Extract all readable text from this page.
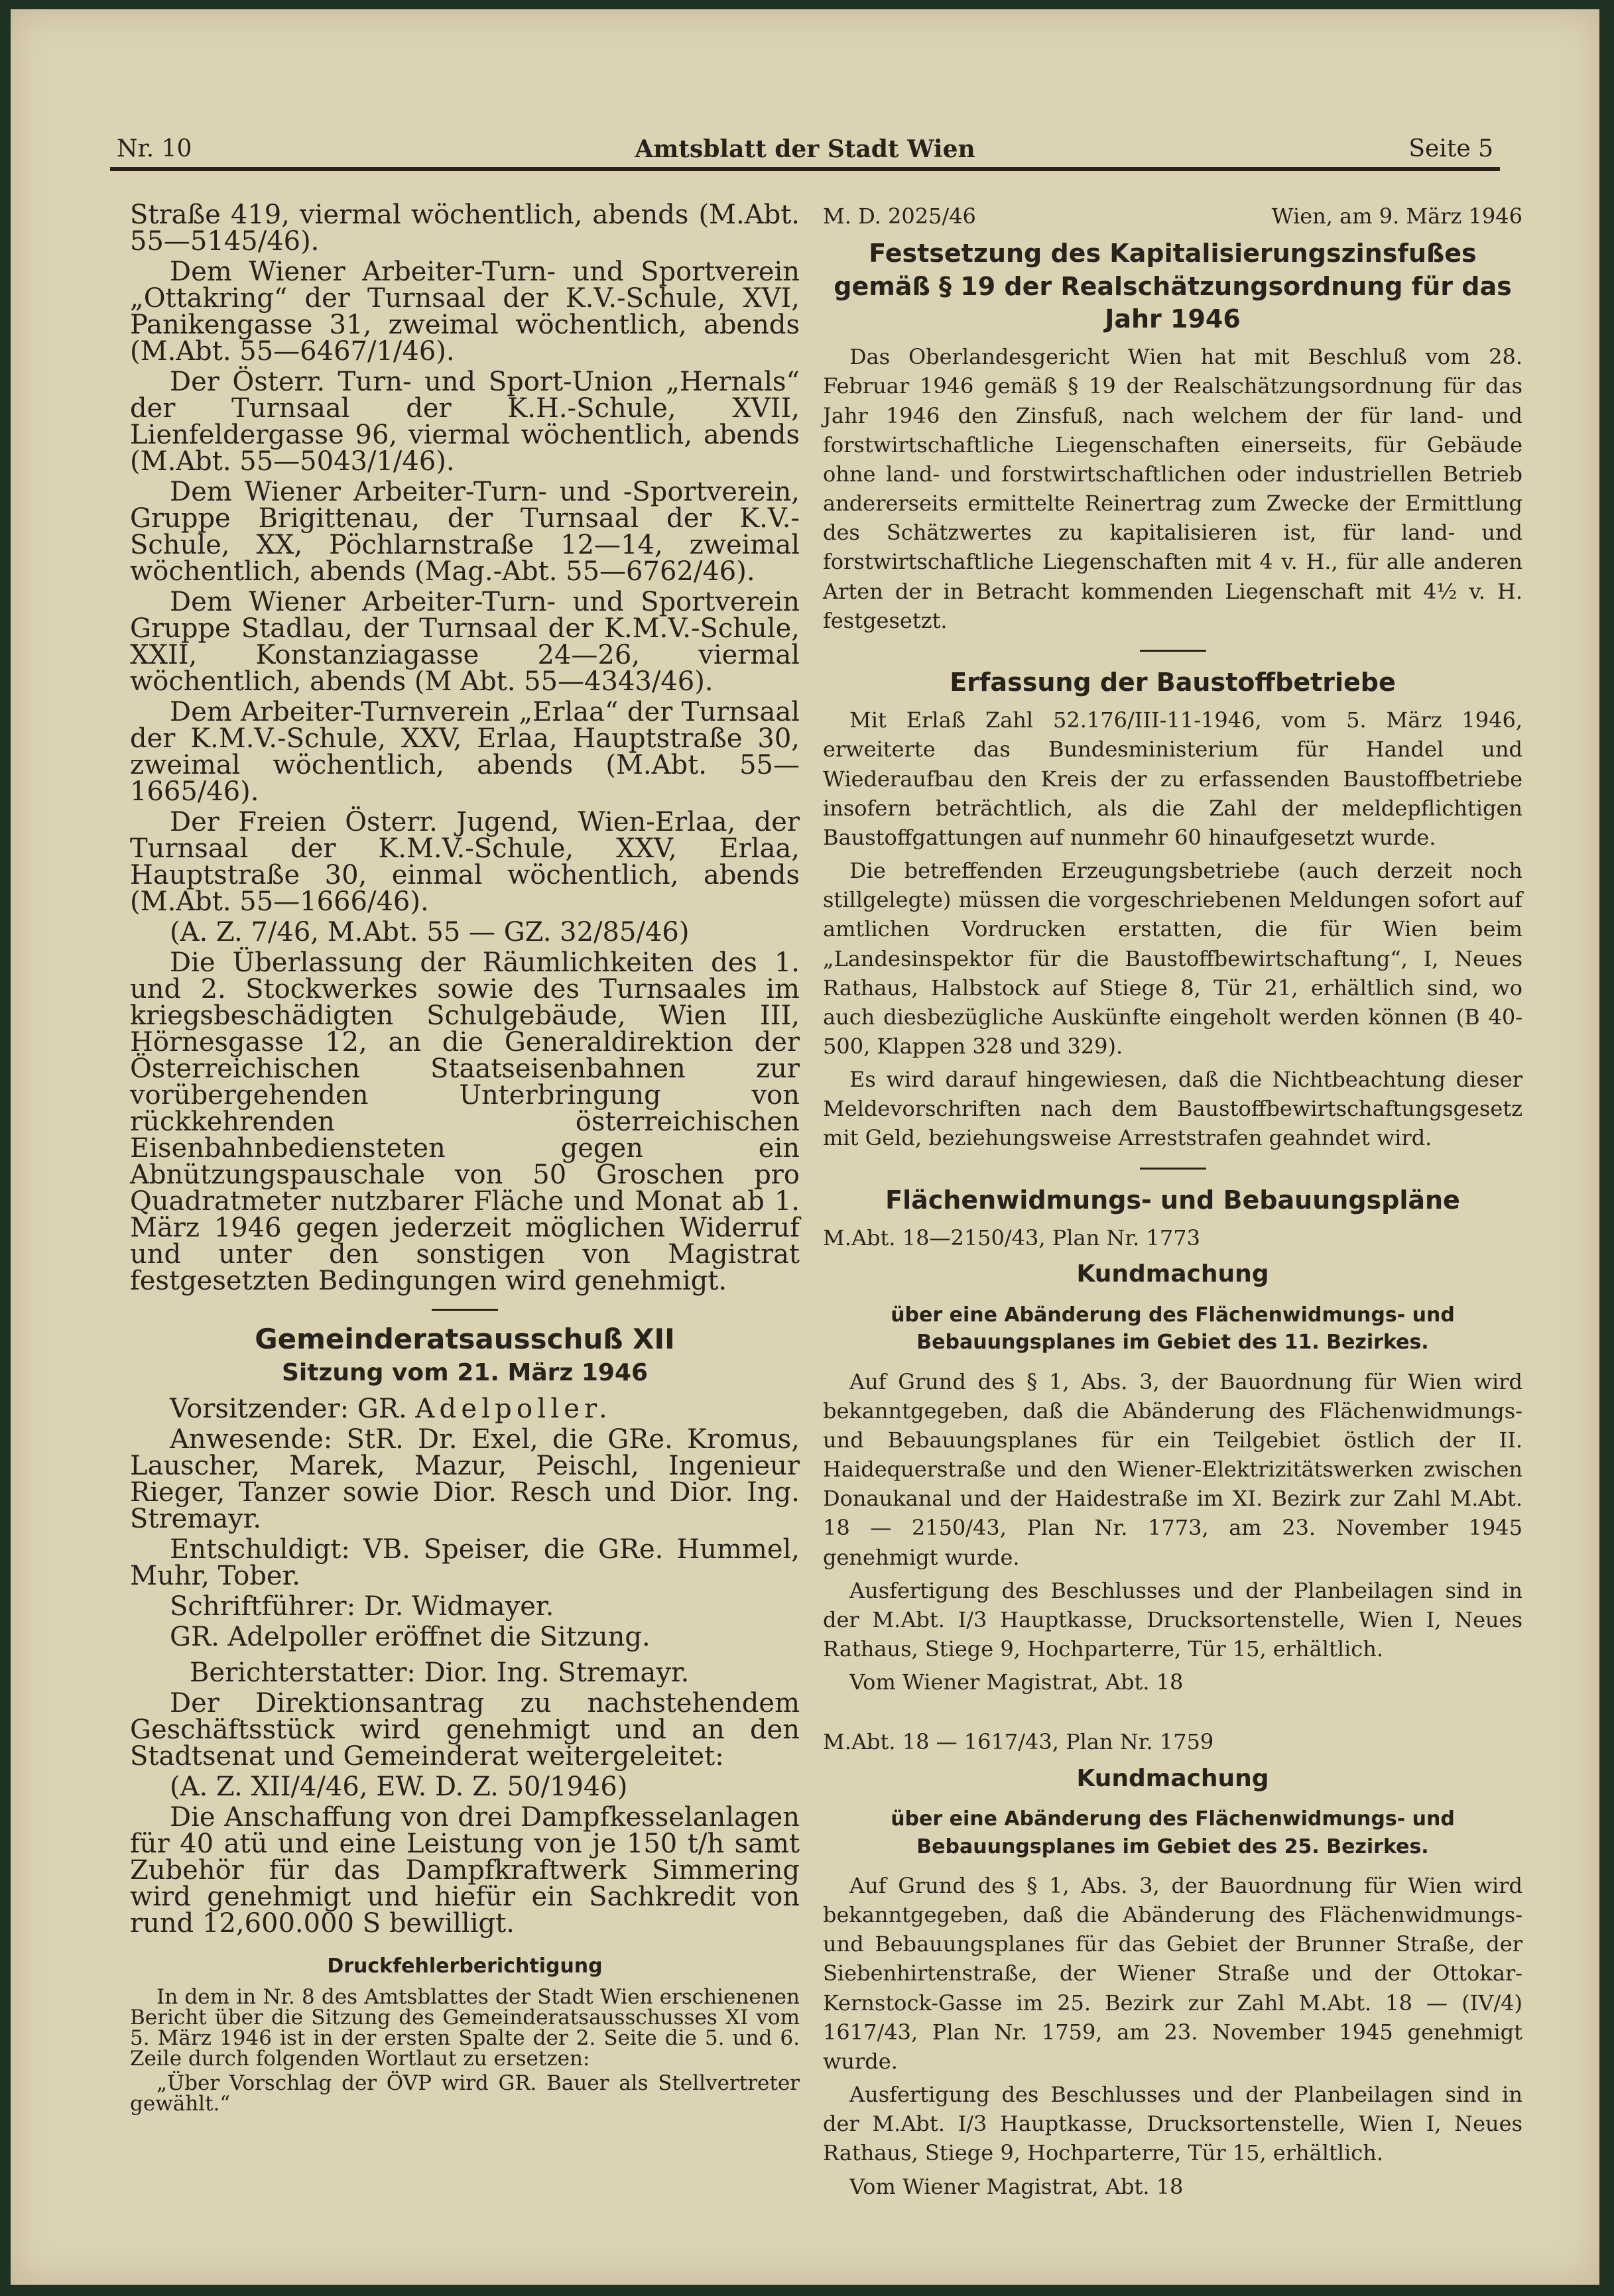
Nr. 10	Amtsblatt der Stadt Wien	Seite 5

Straße 419, viermal wöchentlich, abends (M.Abt. 55—5145/46).

Dem Wiener Arbeiter-Turn- und Sportverein „Ottakring“ der Turnsaal der K.V.-Schule, XVI, Panikengasse 31, zweimal wöchentlich, abends (M.Abt. 55—6467/1/46).

Der Österr. Turn- und Sport-Union „Hernals“ der Turnsaal der K.H.-Schule, XVII, Lienfeldergasse 96, viermal wöchentlich, abends (M.Abt. 55—5043/1/46).

Dem Wiener Arbeiter-Turn- und -Sportverein, Gruppe Brigittenau, der Turnsaal der K.V.-Schule, XX, Pöchlarnstraße 12—14, zweimal wöchentlich, abends (Mag.-Abt. 55—6762/46).

Dem Wiener Arbeiter-Turn- und Sportverein Gruppe Stadlau, der Turnsaal der K.M.V.-Schule, XXII, Konstanziagasse 24—26, viermal wöchentlich, abends (M Abt. 55—4343/46).

Dem Arbeiter-Turnverein „Erlaa“ der Turnsaal der K.M.V.-Schule, XXV, Erlaa, Hauptstraße 30, zweimal wöchentlich, abends (M.Abt. 55—1665/46).

Der Freien Österr. Jugend, Wien-Erlaa, der Turnsaal der K.M.V.-Schule, XXV, Erlaa, Hauptstraße 30, einmal wöchentlich, abends (M.Abt. 55—1666/46).

(A. Z. 7/46, M.Abt. 55 — GZ. 32/85/46)

Die Überlassung der Räumlichkeiten des 1. und 2. Stockwerkes sowie des Turnsaales im kriegsbeschädigten Schulgebäude, Wien III, Hörnesgasse 12, an die Generaldirektion der Österreichischen Staatseisenbahnen zur vorübergehenden Unterbringung von rückkehrenden österreichischen Eisenbahnbediensteten gegen ein Abnützungspauschale von 50 Groschen pro Quadratmeter nutzbarer Fläche und Monat ab 1. März 1946 gegen jederzeit möglichen Widerruf und unter den sonstigen von Magistrat festgesetzten Bedingungen wird genehmigt.

Gemeinderatsausschuß XII
Sitzung vom 21. März 1946

Vorsitzender: GR. Adelpoller.

Anwesende: StR. Dr. Exel, die GRe. Kromus, Lauscher, Marek, Mazur, Peischl, Ingenieur Rieger, Tanzer sowie Dior. Resch und Dior. Ing. Stremayr.

Entschuldigt: VB. Speiser, die GRe. Hummel, Muhr, Tober.

Schriftführer: Dr. Widmayer.

GR. Adelpoller eröffnet die Sitzung.

Berichterstatter: Dior. Ing. Stremayr.

Der Direktionsantrag zu nachstehendem Geschäftsstück wird genehmigt und an den Stadtsenat und Gemeinderat weitergeleitet:

(A. Z. XII/4/46, EW. D. Z. 50/1946)

Die Anschaffung von drei Dampfkesselanlagen für 40 atü und eine Leistung von je 150 t/h samt Zubehör für das Dampfkraftwerk Simmering wird genehmigt und hiefür ein Sachkredit von rund 12,600.000 S bewilligt.

Druckfehlerberichtigung

In dem in Nr. 8 des Amtsblattes der Stadt Wien erschienenen Bericht über die Sitzung des Gemeinderatsausschusses XI vom 5. März 1946 ist in der ersten Spalte der 2. Seite die 5. und 6. Zeile durch folgenden Wortlaut zu ersetzen:

„Über Vorschlag der ÖVP wird GR. Bauer als Stellvertreter gewählt.“

M. D. 2025/46	Wien, am 9. März 1946
Festsetzung des Kapitalisierungszinsfußes gemäß § 19 der Realschätzungsordnung für das Jahr 1946

Das Oberlandesgericht Wien hat mit Beschluß vom 28. Februar 1946 gemäß § 19 der Realschätzungsordnung für das Jahr 1946 den Zinsfuß, nach welchem der für land- und forstwirtschaftliche Liegenschaften einerseits, für Gebäude ohne land- und forstwirtschaftlichen oder industriellen Betrieb andererseits ermittelte Reinertrag zum Zwecke der Ermittlung des Schätzwertes zu kapitalisieren ist, für land- und forstwirtschaftliche Liegenschaften mit 4 v. H., für alle anderen Arten der in Betracht kommenden Liegenschaft mit 4½ v. H. festgesetzt.

Erfassung der Baustoffbetriebe

Mit Erlaß Zahl 52.176/III-11-1946, vom 5. März 1946, erweiterte das Bundesministerium für Handel und Wiederaufbau den Kreis der zu erfassenden Baustoffbetriebe insofern beträchtlich, als die Zahl der meldepflichtigen Baustoffgattungen auf nunmehr 60 hinaufgesetzt wurde.

Die betreffenden Erzeugungsbetriebe (auch derzeit noch stillgelegte) müssen die vorgeschriebenen Meldungen sofort auf amtlichen Vordrucken erstatten, die für Wien beim „Landesinspektor für die Baustoffbewirtschaftung“, I, Neues Rathaus, Halbstock auf Stiege 8, Tür 21, erhältlich sind, wo auch diesbezügliche Auskünfte eingeholt werden können (B 40-500, Klappen 328 und 329).

Es wird darauf hingewiesen, daß die Nichtbeachtung dieser Meldevorschriften nach dem Baustoffbewirtschaftungsgesetz mit Geld, beziehungsweise Arreststrafen geahndet wird.

Flächenwidmungs- und Bebauungspläne

M.Abt. 18—2150/43, Plan Nr. 1773

Kundmachung
über eine Abänderung des Flächenwidmungs- und Bebauungsplanes im Gebiet des 11. Bezirkes.

Auf Grund des § 1, Abs. 3, der Bauordnung für Wien wird bekanntgegeben, daß die Abänderung des Flächenwidmungs- und Bebauungsplanes für ein Teilgebiet östlich der II. Haidequerstraße und den Wiener-Elektrizitätswerken zwischen Donaukanal und der Haidestraße im XI. Bezirk zur Zahl M.Abt. 18 — 2150/43, Plan Nr. 1773, am 23. November 1945 genehmigt wurde.

Ausfertigung des Beschlusses und der Planbeilagen sind in der M.Abt. I/3 Hauptkasse, Drucksortenstelle, Wien I, Neues Rathaus, Stiege 9, Hochparterre, Tür 15, erhältlich.

Vom Wiener Magistrat, Abt. 18

M.Abt. 18 — 1617/43, Plan Nr. 1759

Kundmachung
über eine Abänderung des Flächenwidmungs- und Bebauungsplanes im Gebiet des 25. Bezirkes.

Auf Grund des § 1, Abs. 3, der Bauordnung für Wien wird bekanntgegeben, daß die Abänderung des Flächenwidmungs- und Bebauungsplanes für das Gebiet der Brunner Straße, der Siebenhirtenstraße, der Wiener Straße und der Ottokar-Kernstock-Gasse im 25. Bezirk zur Zahl M.Abt. 18 — (IV/4) 1617/43, Plan Nr. 1759, am 23. November 1945 genehmigt wurde.

Ausfertigung des Beschlusses und der Planbeilagen sind in der M.Abt. I/3 Hauptkasse, Drucksortenstelle, Wien I, Neues Rathaus, Stiege 9, Hochparterre, Tür 15, erhältlich.

Vom Wiener Magistrat, Abt. 18
